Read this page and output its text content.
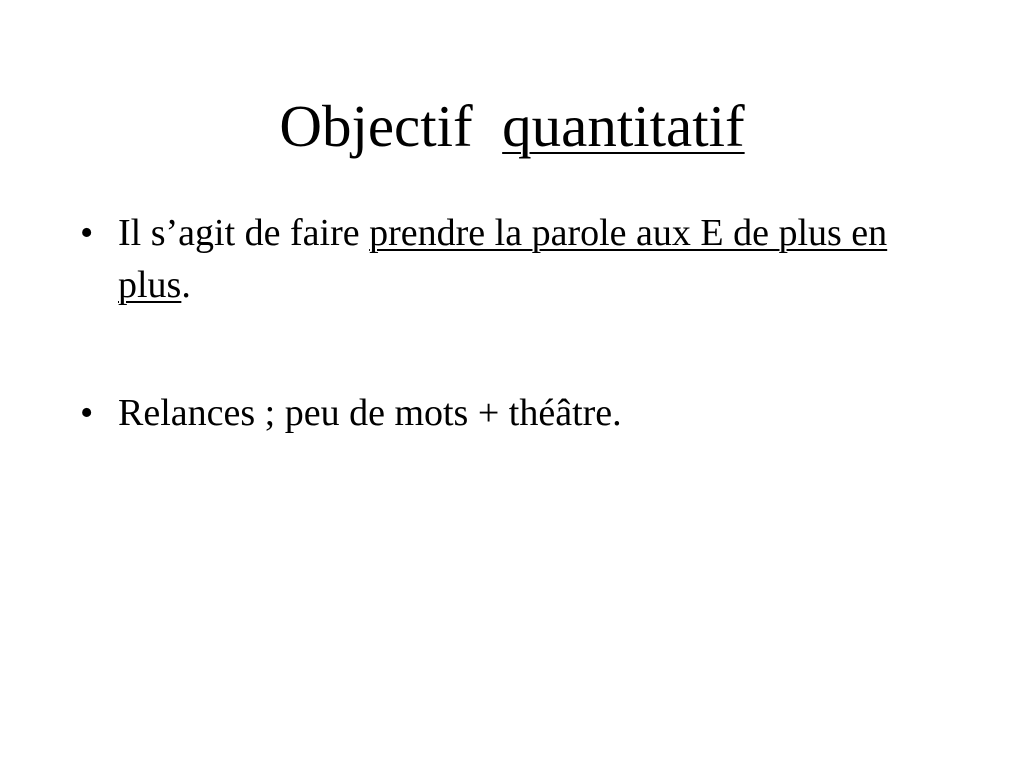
Objectif quantitatif
• Il s’agit de faire prendre la parole aux E de plus en plus.
• Relances ; peu de mots + théâtre.
